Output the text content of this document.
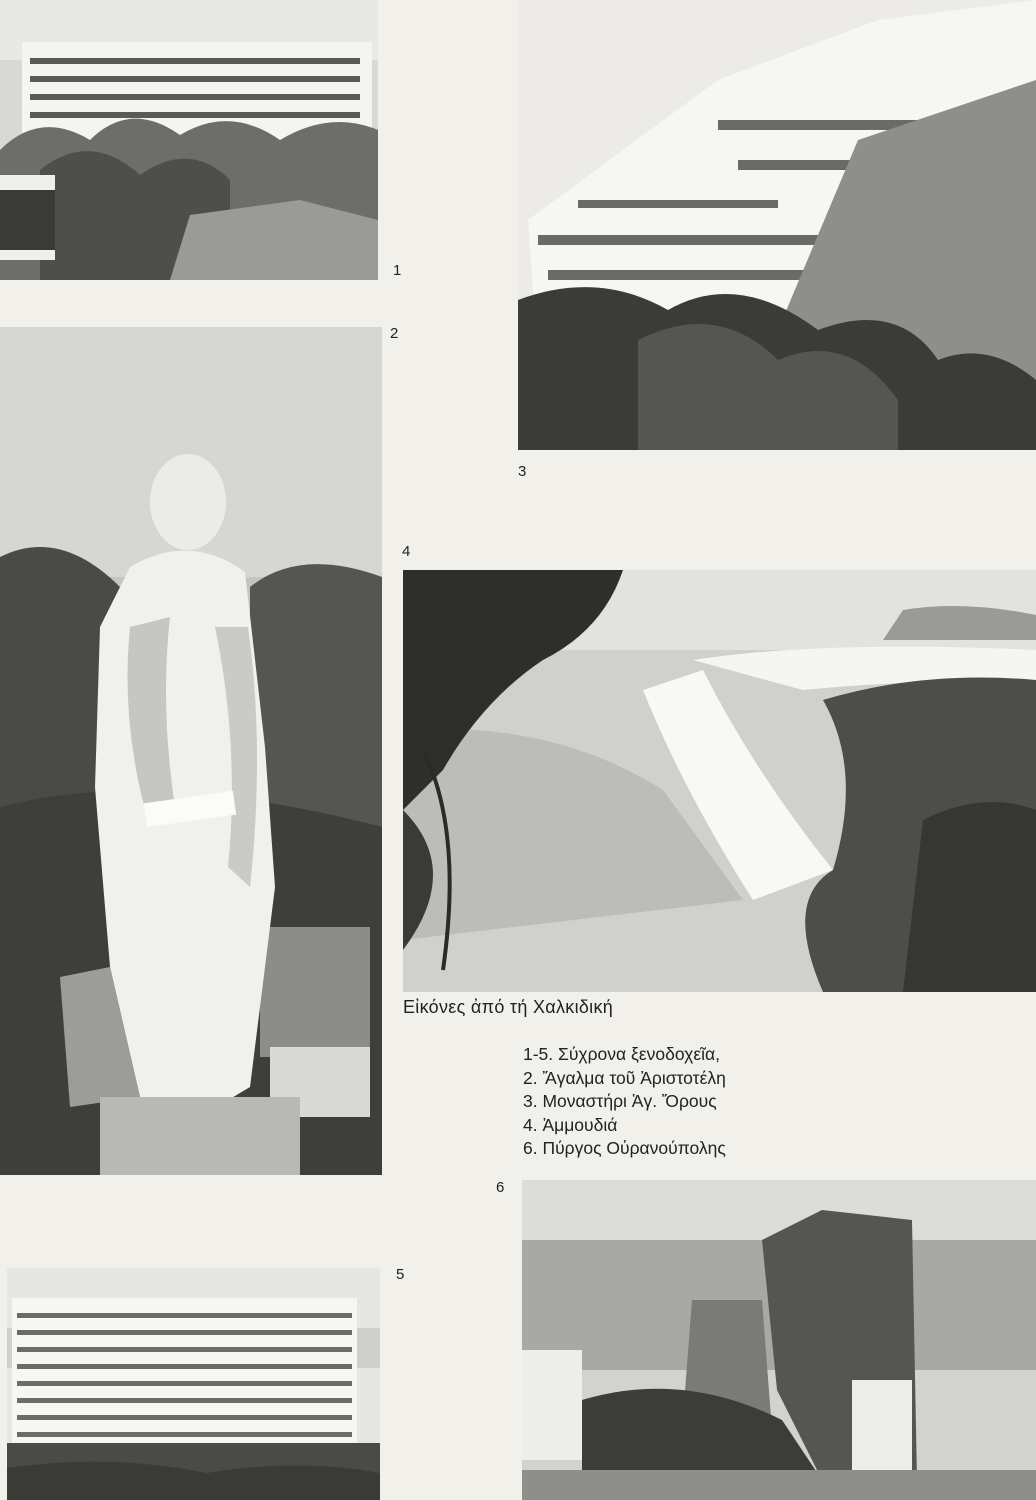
1
2
3
4
5
6
Εἰκόνες ἀπό τή Χαλκιδική
1-5. Σύχρονα ξενοδοχεῖα,
2. Ἄγαλμα τοῦ Ἀριστοτέλη
3. Μοναστήρι Ἁγ. Ὄρους
4. Ἀμμουδιά
6. Πύργος Οὐρανούπολης
